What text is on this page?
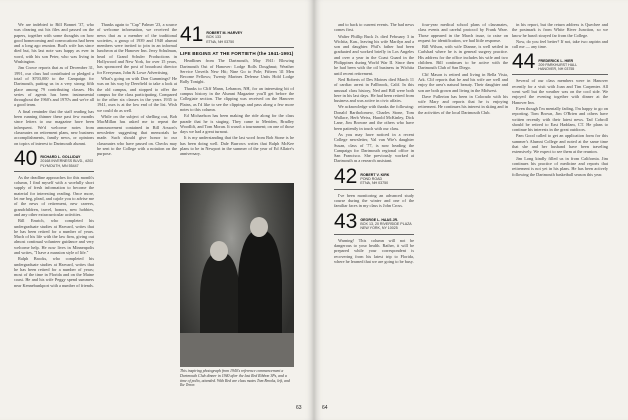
We are indebted to Bill Bonnet '37, who was clearing out his files and passed on the papers, together with some thoughts on how good homecoming and convocations had been and a long ago reunion. Bud's wife has since died but, his last note was happy as ever in word, with his son Peter, who was living in Washington.

Jim Crowe reports that as of December 31, 1991, our class had contributed or pledged a total of $703,000 to the Campaign for Dartmouth, putting us in a very strong fifth place among 79 contributing classes. His series of agents has been instrumental throughout the 1960's and 1970's and we're all a good team.

A final reminder that the staff reading has been running thinner these past few months since letters to our magazine have been infrequent. We'd welcome notes from classmates on retirement plans, new business accomplishments, family news, or opinions on topics of interest to Dartmouth alumni.

40 RICHARD L. GOLLIDAY
20168 INVERNESS BLVD., #202
PLYMOUTH, MN 55447

As the deadline approaches for this month's column, I find myself with a woefully short supply of fresh information to become the material for interesting reading. Once more, let me beg, plead, and cajole you to advise me of the news of retirement, new careers, grandchildren, travel, honors, new hobbies, and any other extracurricular activities.

Bill Emrich, who completed his undergraduate studies at Harvard, writes that he has been retired for a number of years. Much of his life with the law firm, giving out almost continual volunteer guidance and very welcome help. He now lives in Minneapolis and writes, "I have a mansion style of life."

Ralph Brooks, who completed his undergraduate studies at Harvard, writes that he has been retired for a number of years; most of the time in Florida and on the Maine coast. He and his wife Peggy spend summers near Kennebunkport with a number of friends.

Thanks again to "Cap" Palmer '23, a source of welcome information, we received the news that as a member of the traditional societies, a group of 1939 and 1940 alumni members were invited to join in an informal luncheon at the Hanover Inn. Jerry Schulman, head of Grand Schuler Productions in Hollywood and New York, for over 15 years, has sponsored the post of broadcast director for Everyman, John & Lowe Advertising.

What's going on with Don Cummings? He was on his way by Deerfield to take a look at the old campus, and stopped to offer the campus for the class participating. Compared to the other six classes in the years 1935 to 1941, ours is at the low end of the list. Wish we could do as well.

While on the subject of shelling out, Bob MacMillan has asked me to repeat the announcement contained in Bill Arsson's newsletter suggesting that memorials be made. Such should give honor to our classmates who have passed on. Checks may be sent to the College with a notation on the purpose.

41 ROBERT M. HARVEY
BOX 133
ETNA, NH 03750
LIFE BEGINS AT THE FORTIETH (the 1941-1991)

Headlines from The Dartmouth, May 1941: Blowing Dartmouth Out of Hanover: Lodge Rolls Doughnut; Weather Service Unveils New Hit; Nine Go to Pole; Fifteen '41 Men Become Fellows; Twenty Marines Defense Units Hold Lodge Rally Tonight.

Thanks to Cliff Mann, Lebanon, NH, for an interesting bit of campus history in the Alumni Magazine you'll get before the Collegiate section. The clipping was received on the Hanover Plains, as I'd like to see the clippings and pass along a few more notes to this column.

Ed Michaelson has been making the ride along for the class parade that he is staging. They came to Meriden, Bradley Woodlift, and Tom Moran. It wasn't a tournament; on one of those days we had a great turnout.

It is my understanding that the last word from Bob Stone is he has been doing well. Dale Burrows writes that Ralph McKee plans to be in Newport in the summer of the year of Ed Allaire's anniversary.

This inspiring photograph from 1940's reference commencement a Dartmouth Club dinner in 1940 after the last Red Ribbon 3Ps, and a time of polio, attended. With Red are class mates Tom Brooks, left, and Ike Tenor.
63

and to back to current events. The bad news comes first.

Walter Phillip Buck Jr. died February 3 in Wichita, Kan., leaving his wife Marilyn and a son and daughter. Phil's father had been graduated and worked briefly in Los Angeles and over a year in the Coast Guard in the Philippines during World War II. Since then he had been with the oil business in Wichita until recent retirement.

Ned Roberts of Des Moines died March 11 of cardiac arrest in Fallbrook, Calif. In this unusual class history, Ned and Bill were both here in his last days. He had been retired from business and was active in civic affairs.

We acknowledge with thanks the following: Donald Bartholomew, Charles Stone, Tom Wallace, Herb Weiss, Harold McKinley, Dick Lane, Jim Browne and the others who have been patiently in touch with our class.

As you may have noticed in a recent College newsletter, Val van Wie's daughter Susan, class of '77, is now heading the Campaign for Dartmouth regional office in San Francisco. She previously worked at Dartmouth as a research assistant.

42 ROBERT V. KIRK
POND ROAD
ETNA, NH 03750

I've been monitoring an advanced study course during the winter and one of the familiar faces in my class is John Cross.

43 GEORGE L. HAAS JR.
BOX 13, 20 RIVERSIDE PLAZA
NEW YORK, NY 10025

Warning! This column will not be dangerous to your health. Rather, it will be prepared while your correspondent is recovering from his latest trip to Florida, where he learned that we are going to be busy.

four-year medical school plans of classmates, class events and careful protocol by Frank Ware. Those appeared in the March issue, to raise on request for identification, we had little response.

Bill Wilson, with wife Dianne, is well settled in Carlsbad where he is in general surgery practice. His address for the office includes his wife and two children. Bill continues to be active with the Dartmouth Club of San Diego.

Clif Mason is retired and living in Bella Vista, Ark. Clif reports that he and his wife are well and enjoy the area's natural beauty. Their daughter and son are both grown and living in the Midwest.

Dave Fullerton has been in Colorado with his wife Mary and reports that he is enjoying retirement. He continues his interest in skiing and in the activities of the local Dartmouth Club.

in his report, but the return address is Quechee and the postmark is from White River Junction, so we know he hasn't strayed far from the College.

Now, do you feel better? If not, take two aspirin and call me — any time.

44 FREDERICK L. HIER
209 PARKHURST HALL
HANOVER, NH 03755

Several of our class members were in Hanover recently for a visit with Joan and Tim Carpenter. All went well but the weather was on the cool side. We enjoyed the evening together with dinner at the Hanover Inn.

Even though I'm mentally fading, I'm happy to go on reporting. Tom Brown, Jim O'Brien and others have written recently with their latest news. Tad Cobroll should be retired to East Haddam, CT. He plans to continue his interests in the great outdoors.

Pam Good called to get an application form for this summer's Alumni College and noted at the same time that she and her husband have been traveling extensively. We expect to see them at the reunion.

Jim Long kindly filled us in from California. Jim continues his practice of medicine and reports that retirement is not yet in his plans. He has been actively following the Dartmouth basketball season this year.

64
